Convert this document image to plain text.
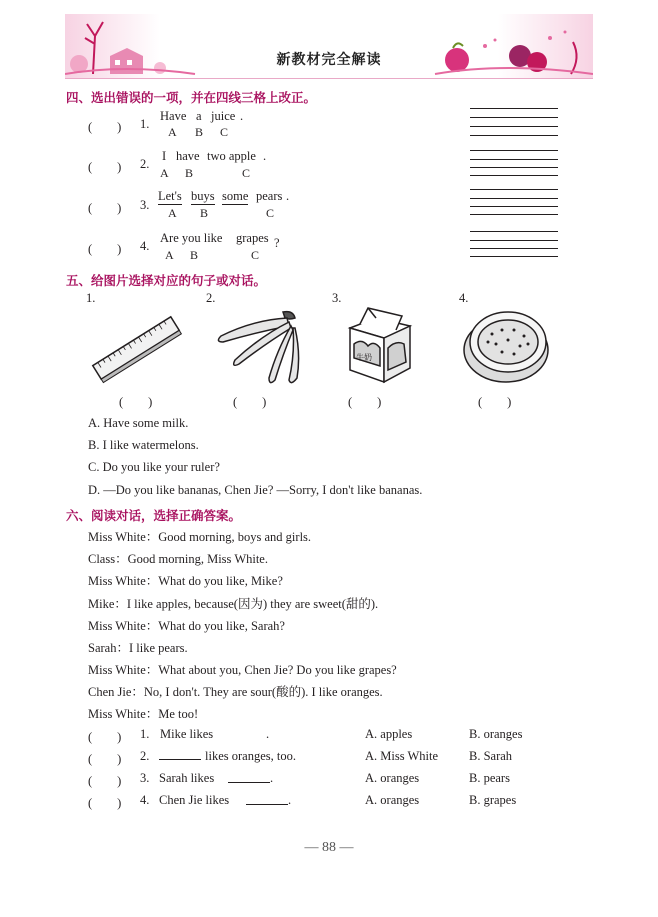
新教材完全解读
四、选出错误的一项，并在四线三格上改正。
(　　) 1.
Have a juice .
A B C
(　　) 2.
I have two apple .
A B	C
(　　) 3.
Let's buys some pears .
A B	C
(　　) 4.
Are you like grapes ?
A B	C
五、给图片选择对应的句子或对话。
1.	2.	3.	4.
牛奶
(　　)	(　　)	(　　)	(　　)
A. Have some milk.
B. I like watermelons.
C. Do you like your ruler?
D. —Do you like bananas, Chen Jie? —Sorry, I don't like bananas.
六、阅读对话，选择正确答案。
Miss White：Good morning, boys and girls.
Class：Good morning, Miss White.
Miss White：What do you like, Mike?
Mike：I like apples, because(因为) they are sweet(甜的).
Miss White：What do you like, Sarah?
Sarah：I like pears.
Miss White：What about you, Chen Jie? Do you like grapes?
Chen Jie：No, I don't. They are sour(酸的). I like oranges.
Miss White：Me too!
(　　) 1. Mike likes	.	A. apples	B. oranges
(　　) 2.	likes oranges, too.	A. Miss White B. Sarah
(　　) 3. Sarah likes	.	A. oranges	B. pears
(　　) 4. Chen Jie likes	.	A. oranges	B. grapes
— 88 —
